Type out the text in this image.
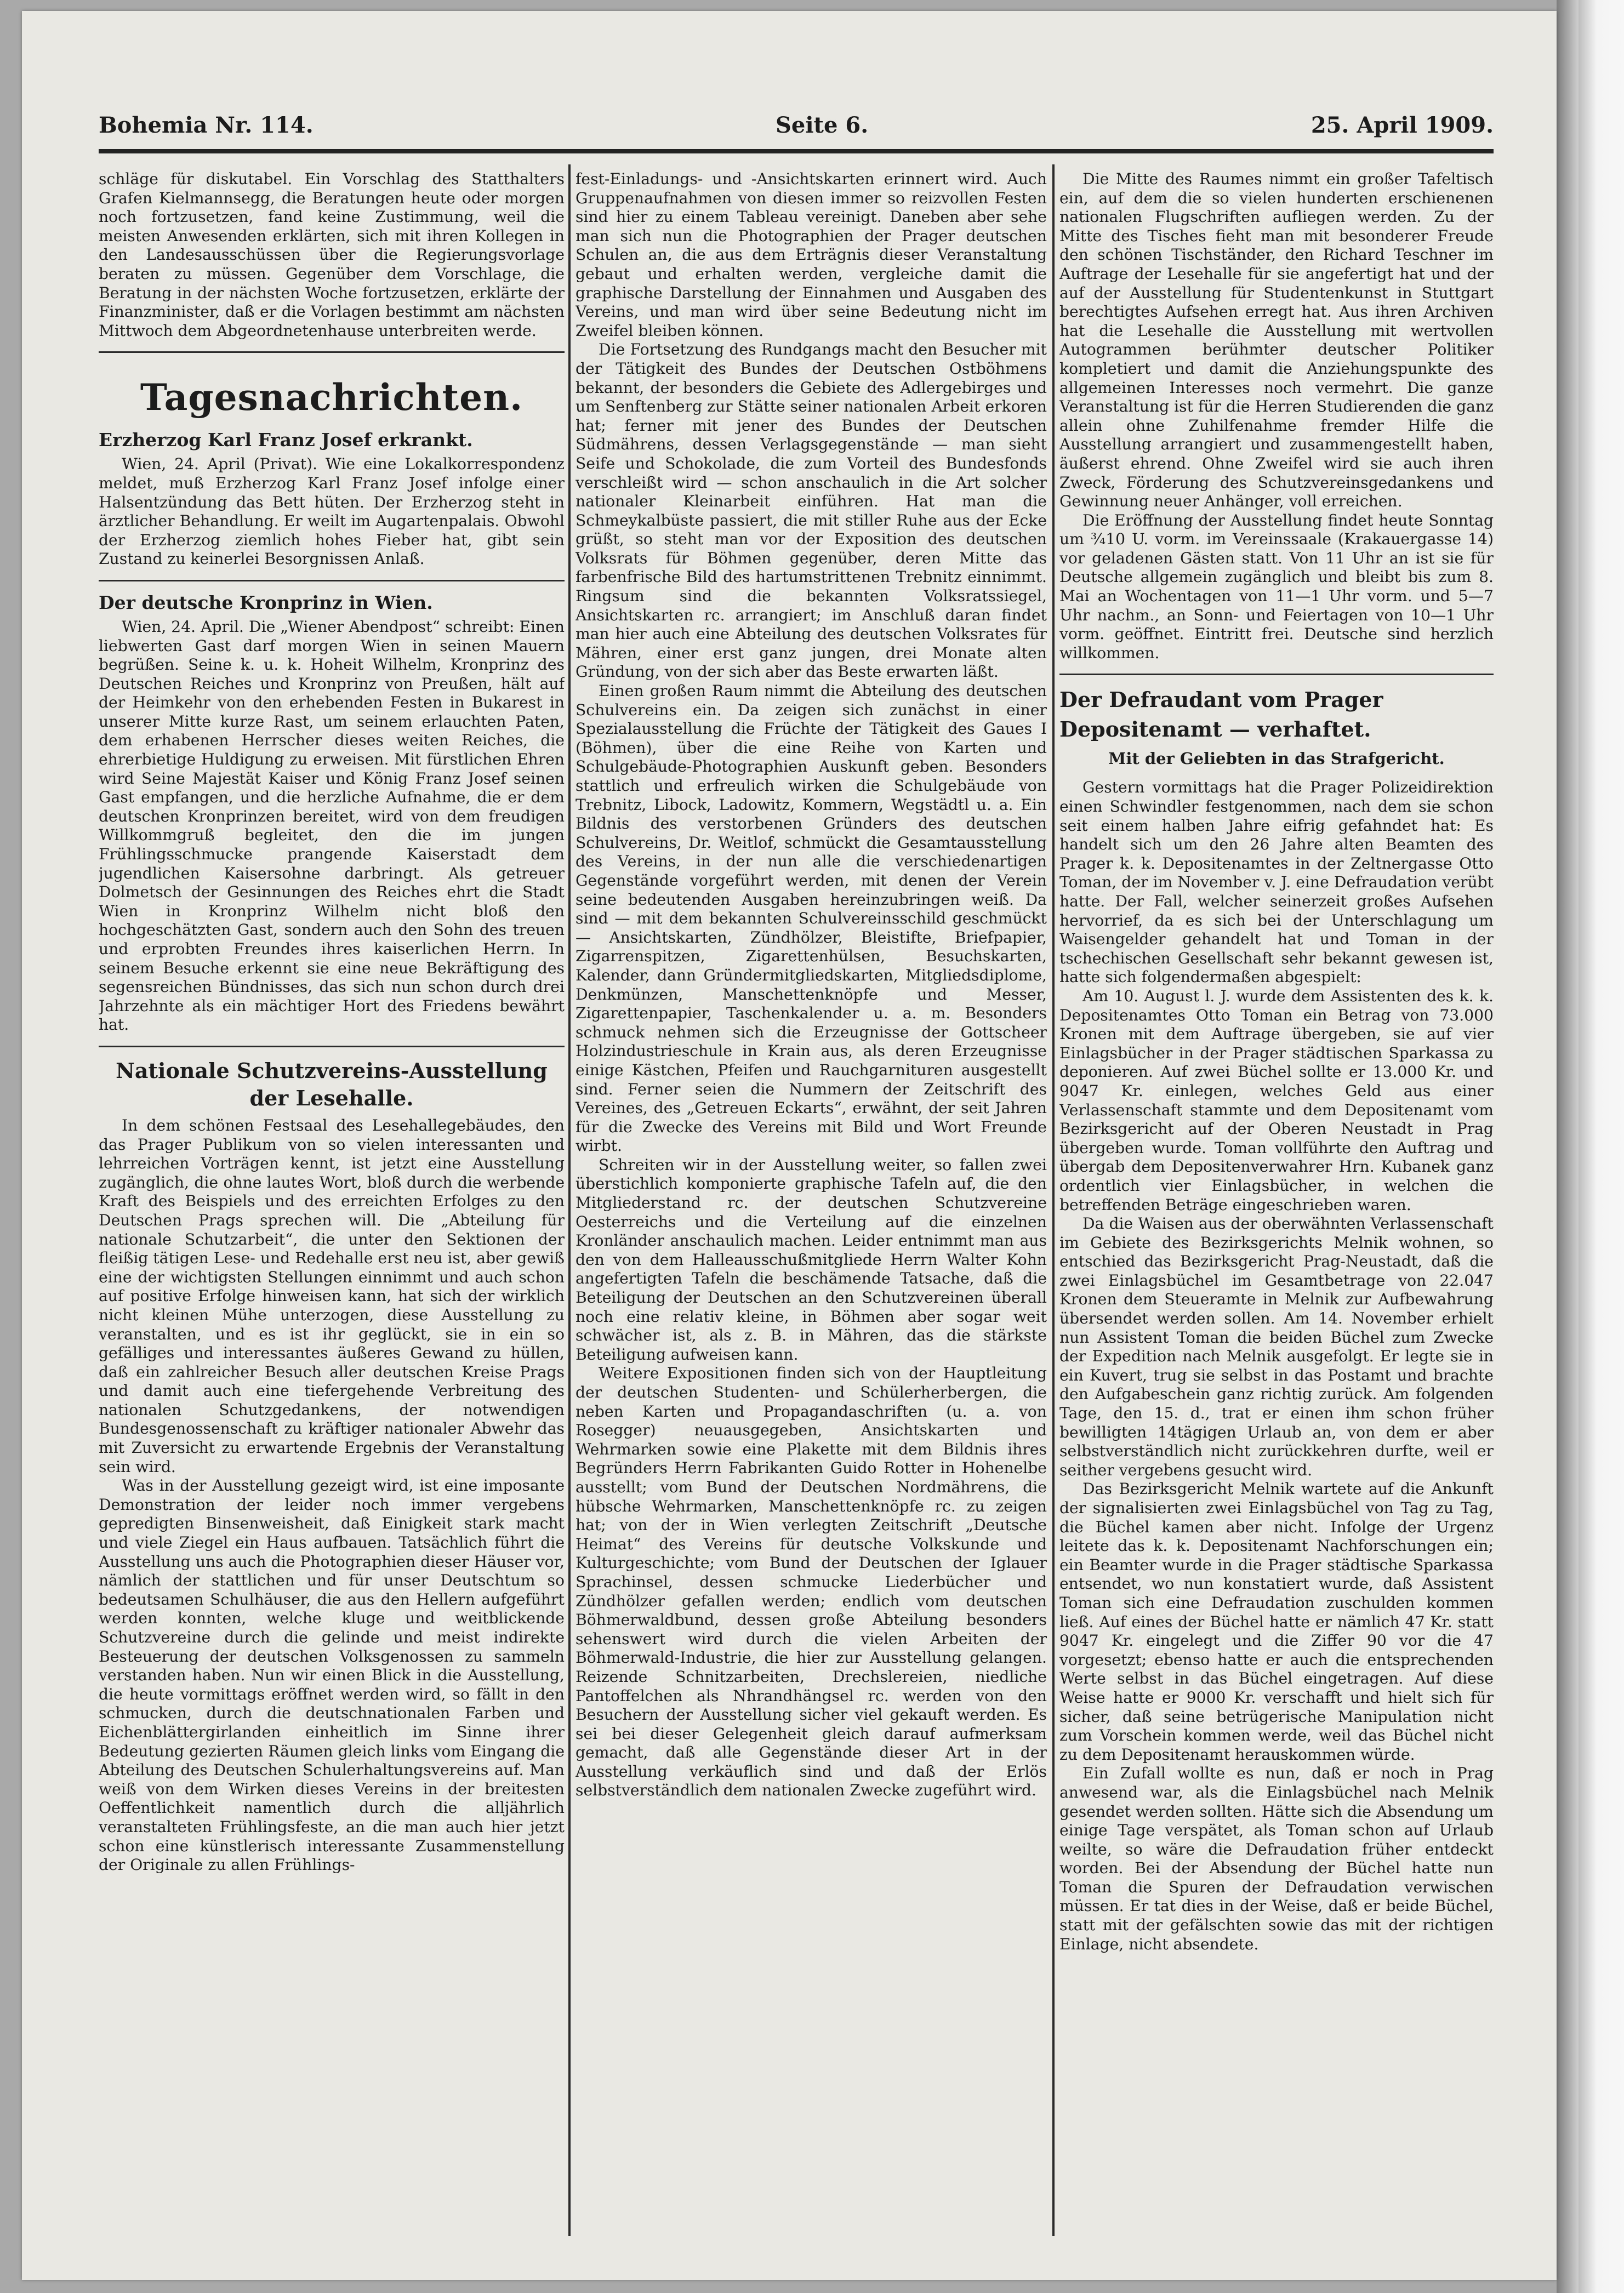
Bohemia Nr. 114.	Seite 6.	25. April 1909.

schläge für diskutabel. Ein Vorschlag des Statthalters Grafen Kielmannsegg, die Beratungen heute oder morgen noch fortzusetzen, fand keine Zustimmung, weil die meisten Anwesenden erklärten, sich mit ihren Kollegen in den Landesausschüssen über die Regierungsvorlage beraten zu müssen. Gegenüber dem Vorschlage, die Beratung in der nächsten Woche fortzusetzen, erklärte der Finanzminister, daß er die Vorlagen bestimmt am nächsten Mittwoch dem Abgeordnetenhause unterbreiten werde.

Tagesnachrichten.
Erzherzog Karl Franz Josef erkrankt.

Wien, 24. April (Privat). Wie eine Lokalkorrespondenz meldet, muß Erzherzog Karl Franz Josef infolge einer Halsentzündung das Bett hüten. Der Erzherzog steht in ärztlicher Behandlung. Er weilt im Augartenpalais. Obwohl der Erzherzog ziemlich hohes Fieber hat, gibt sein Zustand zu keinerlei Besorgnissen Anlaß.

Der deutsche Kronprinz in Wien.

Wien, 24. April. Die „Wiener Abendpost“ schreibt: Einen liebwerten Gast darf morgen Wien in seinen Mauern begrüßen. Seine k. u. k. Hoheit Wilhelm, Kronprinz des Deutschen Reiches und Kronprinz von Preußen, hält auf der Heimkehr von den erhebenden Festen in Bukarest in unserer Mitte kurze Rast, um seinem erlauchten Paten, dem erhabenen Herrscher dieses weiten Reiches, die ehrerbietige Huldigung zu erweisen. Mit fürstlichen Ehren wird Seine Majestät Kaiser und König Franz Josef seinen Gast empfangen, und die herzliche Aufnahme, die er dem deutschen Kronprinzen bereitet, wird von dem freudigen Willkommgruß begleitet, den die im jungen Frühlingsschmucke prangende Kaiserstadt dem jugendlichen Kaisersohne darbringt. Als getreuer Dolmetsch der Gesinnungen des Reiches ehrt die Stadt Wien in Kronprinz Wilhelm nicht bloß den hochgeschätzten Gast, sondern auch den Sohn des treuen und erprobten Freundes ihres kaiserlichen Herrn. In seinem Besuche erkennt sie eine neue Bekräftigung des segensreichen Bündnisses, das sich nun schon durch drei Jahrzehnte als ein mächtiger Hort des Friedens bewährt hat.

Nationale Schutzvereins-Ausstellung der Lesehalle.

In dem schönen Festsaal des Lesehallegebäudes, den das Prager Publikum von so vielen interessanten und lehrreichen Vorträgen kennt, ist jetzt eine Ausstellung zugänglich, die ohne lautes Wort, bloß durch die werbende Kraft des Beispiels und des erreichten Erfolges zu den Deutschen Prags sprechen will. Die „Abteilung für nationale Schutzarbeit“, die unter den Sektionen der fleißig tätigen Lese- und Redehalle erst neu ist, aber gewiß eine der wichtigsten Stellungen einnimmt und auch schon auf positive Erfolge hinweisen kann, hat sich der wirklich nicht kleinen Mühe unterzogen, diese Ausstellung zu veranstalten, und es ist ihr geglückt, sie in ein so gefälliges und interessantes äußeres Gewand zu hüllen, daß ein zahlreicher Besuch aller deutschen Kreise Prags und damit auch eine tiefergehende Verbreitung des nationalen Schutzgedankens, der notwendigen Bundesgenossenschaft zu kräftiger nationaler Abwehr das mit Zuversicht zu erwartende Ergebnis der Veranstaltung sein wird.

Was in der Ausstellung gezeigt wird, ist eine imposante Demonstration der leider noch immer vergebens gepredigten Binsenweisheit, daß Einigkeit stark macht und viele Ziegel ein Haus aufbauen. Tatsächlich führt die Ausstellung uns auch die Photographien dieser Häuser vor, nämlich der stattlichen und für unser Deutschtum so bedeutsamen Schulhäuser, die aus den Hellern aufgeführt werden konnten, welche kluge und weitblickende Schutzvereine durch die gelinde und meist indirekte Besteuerung der deutschen Volksgenossen zu sammeln verstanden haben. Nun wir einen Blick in die Ausstellung, die heute vormittags eröffnet werden wird, so fällt in den schmucken, durch die deutschnationalen Farben und Eichenblättergirlanden einheitlich im Sinne ihrer Bedeutung gezierten Räumen gleich links vom Eingang die Abteilung des Deutschen Schulerhaltungsvereins auf. Man weiß von dem Wirken dieses Vereins in der breitesten Oeffentlichkeit namentlich durch die alljährlich veranstalteten Frühlingsfeste, an die man auch hier jetzt schon eine künstlerisch interessante Zusammenstellung der Originale zu allen Frühlings-

fest-Einladungs- und -Ansichtskarten erinnert wird. Auch Gruppenaufnahmen von diesen immer so reizvollen Festen sind hier zu einem Tableau vereinigt. Daneben aber sehe man sich nun die Photographien der Prager deutschen Schulen an, die aus dem Erträgnis dieser Veranstaltung gebaut und erhalten werden, vergleiche damit die graphische Darstellung der Einnahmen und Ausgaben des Vereins, und man wird über seine Bedeutung nicht im Zweifel bleiben können.

Die Fortsetzung des Rundgangs macht den Besucher mit der Tätigkeit des Bundes der Deutschen Ostböhmens bekannt, der besonders die Gebiete des Adlergebirges und um Senftenberg zur Stätte seiner nationalen Arbeit erkoren hat; ferner mit jener des Bundes der Deutschen Südmährens, dessen Verlagsgegenstände — man sieht Seife und Schokolade, die zum Vorteil des Bundesfonds verschleißt wird — schon anschaulich in die Art solcher nationaler Kleinarbeit einführen. Hat man die Schmeykalbüste passiert, die mit stiller Ruhe aus der Ecke grüßt, so steht man vor der Exposition des deutschen Volksrats für Böhmen gegenüber, deren Mitte das farbenfrische Bild des hartumstrittenen Trebnitz einnimmt. Ringsum sind die bekannten Volksratssiegel, Ansichtskarten rc. arrangiert; im Anschluß daran findet man hier auch eine Abteilung des deutschen Volksrates für Mähren, einer erst ganz jungen, drei Monate alten Gründung, von der sich aber das Beste erwarten läßt.

Einen großen Raum nimmt die Abteilung des deutschen Schulvereins ein. Da zeigen sich zunächst in einer Spezialausstellung die Früchte der Tätigkeit des Gaues I (Böhmen), über die eine Reihe von Karten und Schulgebäude-Photographien Auskunft geben. Besonders stattlich und erfreulich wirken die Schulgebäude von Trebnitz, Libock, Ladowitz, Kommern, Wegstädtl u. a. Ein Bildnis des verstorbenen Gründers des deutschen Schulvereins, Dr. Weitlof, schmückt die Gesamtausstellung des Vereins, in der nun alle die verschiedenartigen Gegenstände vorgeführt werden, mit denen der Verein seine bedeutenden Ausgaben hereinzubringen weiß. Da sind — mit dem bekannten Schulvereinsschild geschmückt — Ansichtskarten, Zündhölzer, Bleistifte, Briefpapier, Zigarrenspitzen, Zigarettenhülsen, Besuchskarten, Kalender, dann Gründermitgliedskarten, Mitgliedsdiplome, Denkmünzen, Manschettenknöpfe und Messer, Zigarettenpapier, Taschenkalender u. a. m. Besonders schmuck nehmen sich die Erzeugnisse der Gottscheer Holzindustrieschule in Krain aus, als deren Erzeugnisse einige Kästchen, Pfeifen und Rauchgarnituren ausgestellt sind. Ferner seien die Nummern der Zeitschrift des Vereines, des „Getreuen Eckarts“, erwähnt, der seit Jahren für die Zwecke des Vereins mit Bild und Wort Freunde wirbt.

Schreiten wir in der Ausstellung weiter, so fallen zwei überstichlich komponierte graphische Tafeln auf, die den Mitgliederstand rc. der deutschen Schutzvereine Oesterreichs und die Verteilung auf die einzelnen Kronländer anschaulich machen. Leider entnimmt man aus den von dem Halleausschußmitgliede Herrn Walter Kohn angefertigten Tafeln die beschämende Tatsache, daß die Beteiligung der Deutschen an den Schutzvereinen überall noch eine relativ kleine, in Böhmen aber sogar weit schwächer ist, als z. B. in Mähren, das die stärkste Beteiligung aufweisen kann.

Weitere Expositionen finden sich von der Hauptleitung der deutschen Studenten- und Schülerherbergen, die neben Karten und Propagandaschriften (u. a. von Rosegger) neuausgegeben, Ansichtskarten und Wehrmarken sowie eine Plakette mit dem Bildnis ihres Begründers Herrn Fabrikanten Guido Rotter in Hohenelbe ausstellt; vom Bund der Deutschen Nordmährens, die hübsche Wehrmarken, Manschettenknöpfe rc. zu zeigen hat; von der in Wien verlegten Zeitschrift „Deutsche Heimat“ des Vereins für deutsche Volkskunde und Kulturgeschichte; vom Bund der Deutschen der Iglauer Sprachinsel, dessen schmucke Liederbücher und Zündhölzer gefallen werden; endlich vom deutschen Böhmerwaldbund, dessen große Abteilung besonders sehenswert wird durch die vielen Arbeiten der Böhmerwald-Industrie, die hier zur Ausstellung gelangen. Reizende Schnitzarbeiten, Drechslereien, niedliche Pantoffelchen als Nhrandhängsel rc. werden von den Besuchern der Ausstellung sicher viel gekauft werden. Es sei bei dieser Gelegenheit gleich darauf aufmerksam gemacht, daß alle Gegenstände dieser Art in der Ausstellung verkäuflich sind und daß der Erlös selbstverständlich dem nationalen Zwecke zugeführt wird.

Die Mitte des Raumes nimmt ein großer Tafeltisch ein, auf dem die so vielen hunderten erschienenen nationalen Flugschriften aufliegen werden. Zu der Mitte des Tisches fieht man mit besonderer Freude den schönen Tischständer, den Richard Teschner im Auftrage der Lesehalle für sie angefertigt hat und der auf der Ausstellung für Studentenkunst in Stuttgart berechtigtes Aufsehen erregt hat. Aus ihren Archiven hat die Lesehalle die Ausstellung mit wertvollen Autogrammen berühmter deutscher Politiker kompletiert und damit die Anziehungspunkte des allgemeinen Interesses noch vermehrt. Die ganze Veranstaltung ist für die Herren Studierenden die ganz allein ohne Zuhilfenahme fremder Hilfe die Ausstellung arrangiert und zusammengestellt haben, äußerst ehrend. Ohne Zweifel wird sie auch ihren Zweck, Förderung des Schutzvereinsgedankens und Gewinnung neuer Anhänger, voll erreichen.

Die Eröffnung der Ausstellung findet heute Sonntag um ¾10 U. vorm. im Vereinssaale (Krakauergasse 14) vor geladenen Gästen statt. Von 11 Uhr an ist sie für Deutsche allgemein zugänglich und bleibt bis zum 8. Mai an Wochentagen von 11—1 Uhr vorm. und 5—7 Uhr nachm., an Sonn- und Feiertagen von 10—1 Uhr vorm. geöffnet. Eintritt frei. Deutsche sind herzlich willkommen.

Der Defraudant vom Prager Depositenamt — verhaftet.
Mit der Geliebten in das Strafgericht.

Gestern vormittags hat die Prager Polizeidirektion einen Schwindler festgenommen, nach dem sie schon seit einem halben Jahre eifrig gefahndet hat: Es handelt sich um den 26 Jahre alten Beamten des Prager k. k. Depositenamtes in der Zeltnergasse Otto Toman, der im November v. J. eine Defraudation verübt hatte. Der Fall, welcher seinerzeit großes Aufsehen hervorrief, da es sich bei der Unterschlagung um Waisengelder gehandelt hat und Toman in der tschechischen Gesellschaft sehr bekannt gewesen ist, hatte sich folgendermaßen abgespielt:

Am 10. August l. J. wurde dem Assistenten des k. k. Depositenamtes Otto Toman ein Betrag von 73.000 Kronen mit dem Auftrage übergeben, sie auf vier Einlagsbücher in der Prager städtischen Sparkassa zu deponieren. Auf zwei Büchel sollte er 13.000 Kr. und 9047 Kr. einlegen, welches Geld aus einer Verlassenschaft stammte und dem Depositenamt vom Bezirksgericht auf der Oberen Neustadt in Prag übergeben wurde. Toman vollführte den Auftrag und übergab dem Depositenverwahrer Hrn. Kubanek ganz ordentlich vier Einlagsbücher, in welchen die betreffenden Beträge eingeschrieben waren.

Da die Waisen aus der oberwähnten Verlassenschaft im Gebiete des Bezirksgerichts Melnik wohnen, so entschied das Bezirksgericht Prag-Neustadt, daß die zwei Einlagsbüchel im Gesamtbetrage von 22.047 Kronen dem Steueramte in Melnik zur Aufbewahrung übersendet werden sollen. Am 14. November erhielt nun Assistent Toman die beiden Büchel zum Zwecke der Expedition nach Melnik ausgefolgt. Er legte sie in ein Kuvert, trug sie selbst in das Postamt und brachte den Aufgabeschein ganz richtig zurück. Am folgenden Tage, den 15. d., trat er einen ihm schon früher bewilligten 14tägigen Urlaub an, von dem er aber selbstverständlich nicht zurückkehren durfte, weil er seither vergebens gesucht wird.

Das Bezirksgericht Melnik wartete auf die Ankunft der signalisierten zwei Einlagsbüchel von Tag zu Tag, die Büchel kamen aber nicht. Infolge der Urgenz leitete das k. k. Depositenamt Nachforschungen ein; ein Beamter wurde in die Prager städtische Sparkassa entsendet, wo nun konstatiert wurde, daß Assistent Toman sich eine Defraudation zuschulden kommen ließ. Auf eines der Büchel hatte er nämlich 47 Kr. statt 9047 Kr. eingelegt und die Ziffer 90 vor die 47 vorgesetzt; ebenso hatte er auch die entsprechenden Werte selbst in das Büchel eingetragen. Auf diese Weise hatte er 9000 Kr. verschafft und hielt sich für sicher, daß seine betrügerische Manipulation nicht zum Vorschein kommen werde, weil das Büchel nicht zu dem Depositenamt herauskommen würde.

Ein Zufall wollte es nun, daß er noch in Prag anwesend war, als die Einlagsbüchel nach Melnik gesendet werden sollten. Hätte sich die Absendung um einige Tage verspätet, als Toman schon auf Urlaub weilte, so wäre die Defraudation früher entdeckt worden. Bei der Absendung der Büchel hatte nun Toman die Spuren der Defraudation verwischen müssen. Er tat dies in der Weise, daß er beide Büchel, statt mit der gefälschten sowie das mit der richtigen Einlage, nicht absendete.
